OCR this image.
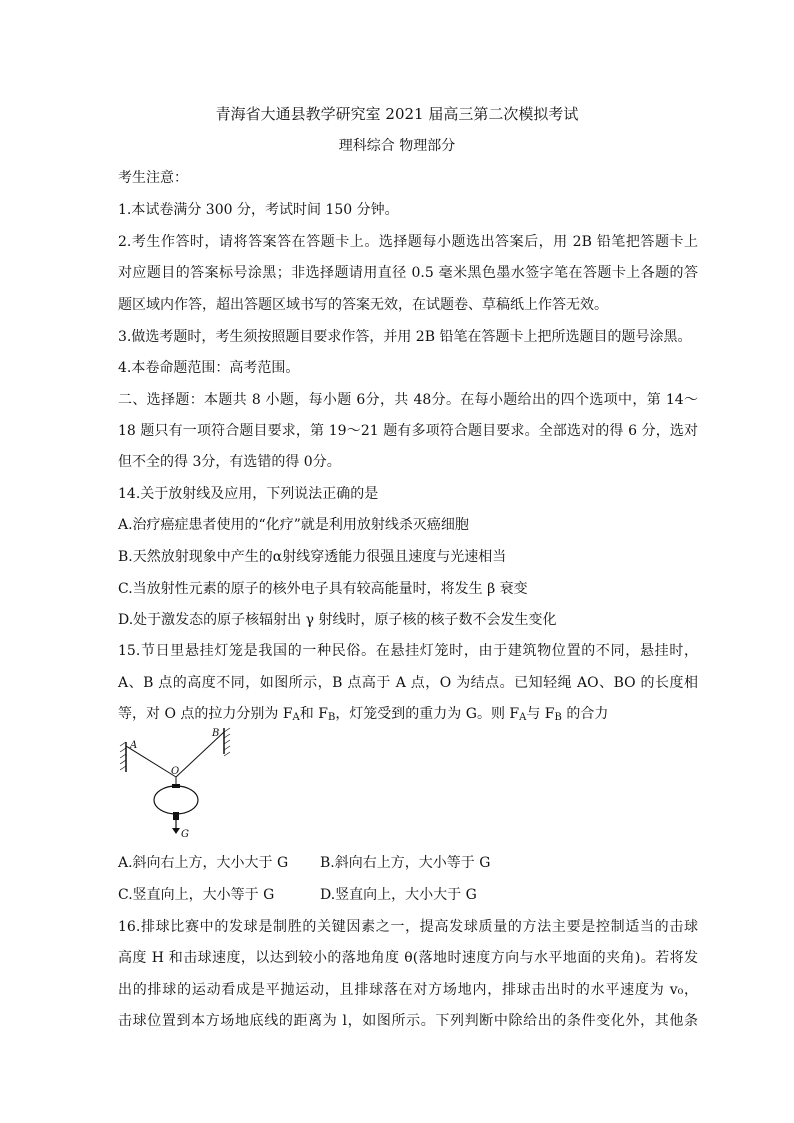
青海省大通县教学研究室 2021 届高三第二次模拟考试
理科综合 物理部分
考生注意：
1.本试卷满分 300 分，考试时间 150 分钟。
2.考生作答时，请将答案答在答题卡上。选择题每小题选出答案后，用 2B 铅笔把答题卡上
对应题目的答案标号涂黑；非选择题请用直径 0.5 毫米黑色墨水签字笔在答题卡上各题的答
题区域内作答，超出答题区域书写的答案无效，在试题卷、草稿纸上作答无效。
3.做选考题时，考生须按照题目要求作答，并用 2B 铅笔在答题卡上把所选题目的题号涂黑。
4.本卷命题范围：高考范围。
二、选择题：本题共 8 小题，每小题 6分，共 48分。在每小题给出的四个选项中，第 14～
18 题只有一项符合题目要求，第 19～21 题有多项符合题目要求。全部选对的得 6 分，选对
但不全的得 3分，有选错的得 0分。
14.关于放射线及应用，下列说法正确的是
A.治疗癌症患者使用的“化疗”就是利用放射线杀灭癌细胞
B.天然放射现象中产生的α射线穿透能力很强且速度与光速相当
C.当放射性元素的原子的核外电子具有较高能量时，将发生 β 衰变
D.处于激发态的原子核辐射出 γ 射线时，原子核的核子数不会发生变化
15.节日里悬挂灯笼是我国的一种民俗。在悬挂灯笼时，由于建筑物位置的不同，悬挂时，
A、B 点的高度不同，如图所示，B 点高于 A 点，O 为结点。已知轻绳 AO、BO 的长度相
等，对 O 点的拉力分别为 $F_A$和 $F_B$，灯笼受到的重力为 G。则 $F_A$与 $F_B$ 的合力
A
B
O
G
A.斜向右上方，大小大于 G B.斜向右上方，大小等于 G
C.竖直向上，大小等于 G	D.竖直向上，大小大于 G
16.排球比赛中的发球是制胜的关键因素之一，提高发球质量的方法主要是控制适当的击球
高度 H 和击球速度，以达到较小的落地角度 θ(落地时速度方向与水平地面的夹角)。若将发
出的排球的运动看成是平抛运动，且排球落在对方场地内，排球击出时的水平速度为 v₀，
击球位置到本方场地底线的距离为 l，如图所示。下列判断中除给出的条件变化外，其他条
